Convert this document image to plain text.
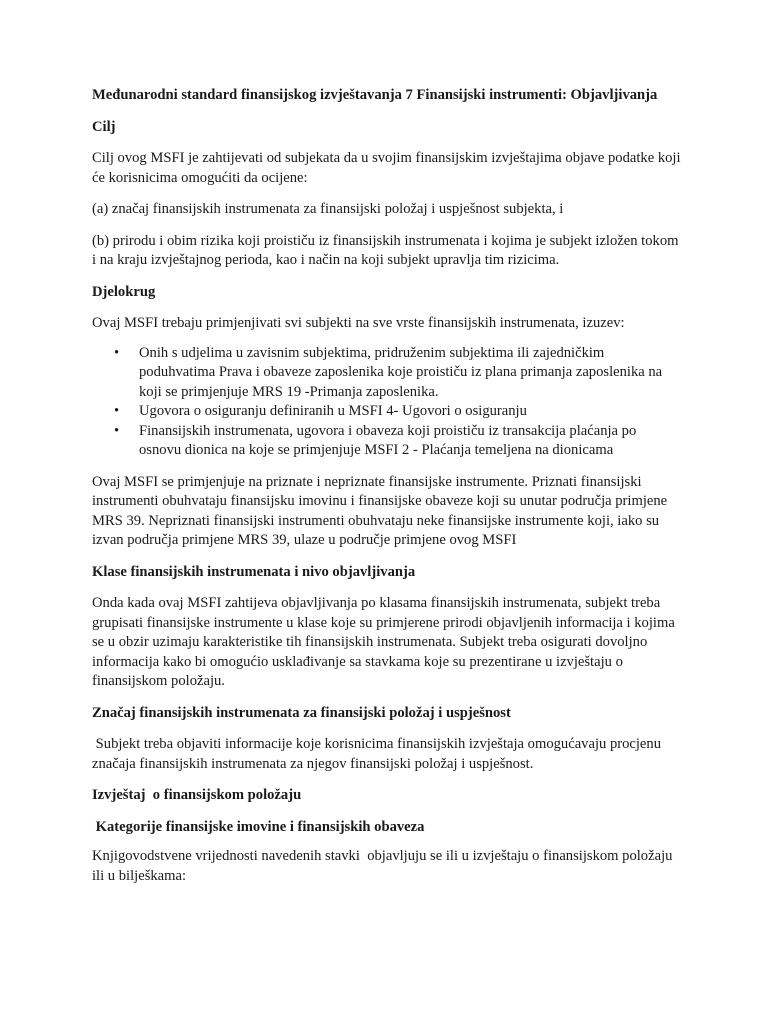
Međunarodni standard finansijskog izvještavanja 7 Finansijski instrumenti: Objavljivanja
Cilj

Cilj ovog MSFI je zahtijevati od subjekata da u svojim finansijskim izvještajima objave podatke koji će korisnicima omogućiti da ocijene:

(a) značaj finansijskih instrumenata za finansijski položaj i uspješnost subjekta, i

(b) prirodu i obim rizika koji proističu iz finansijskih instrumenata i kojima je subjekt izložen tokom i na kraju izvještajnog perioda, kao i način na koji subjekt upravlja tim rizicima.

Djelokrug

Ovaj MSFI trebaju primjenjivati svi subjekti na sve vrste finansijskih instrumenata, izuzev:

• Onih s udjelima u zavisnim subjektima, pridruženim subjektima ili zajedničkim poduhvatima Prava i obaveze zaposlenika koje proističu iz plana primanja zaposlenika na koji se primjenjuje MRS 19 -Primanja zaposlenika.
• Ugovora o osiguranju definiranih u MSFI 4- Ugovori o osiguranju
• Finansijskih instrumenata, ugovora i obaveza koji proističu iz transakcija plaćanja po osnovu dionica na koje se primjenjuje MSFI 2 - Plaćanja temeljena na dionicama

Ovaj MSFI se primjenjuje na priznate i nepriznate finansijske instrumente. Priznati finansijski instrumenti obuhvataju finansijsku imovinu i finansijske obaveze koji su unutar područja primjene MRS 39. Nepriznati finansijski instrumenti obuhvataju neke finansijske instrumente koji, iako su izvan područja primjene MRS 39, ulaze u područje primjene ovog MSFI

Klase finansijskih instrumenata i nivo objavljivanja

Onda kada ovaj MSFI zahtijeva objavljivanja po klasama finansijskih instrumenata, subjekt treba grupisati finansijske instrumente u klase koje su primjerene prirodi objavljenih informacija i kojima se u obzir uzimaju karakteristike tih finansijskih instrumenata. Subjekt treba osigurati dovoljno informacija kako bi omogućio usklađivanje sa stavkama koje su prezentirane u izvještaju o finansijskom položaju.

Značaj finansijskih instrumenata za finansijski položaj i uspješnost

Subjekt treba objaviti informacije koje korisnicima finansijskih izvještaja omogućavaju procjenu značaja finansijskih instrumenata za njegov finansijski položaj i uspješnost.

Izvještaj  o finansijskom položaju
Kategorije finansijske imovine i finansijskih obaveza

Knjigovodstvene vrijednosti navedenih stavki  objavljuju se ili u izvještaju o finansijskom položaju ili u bilješkama:
